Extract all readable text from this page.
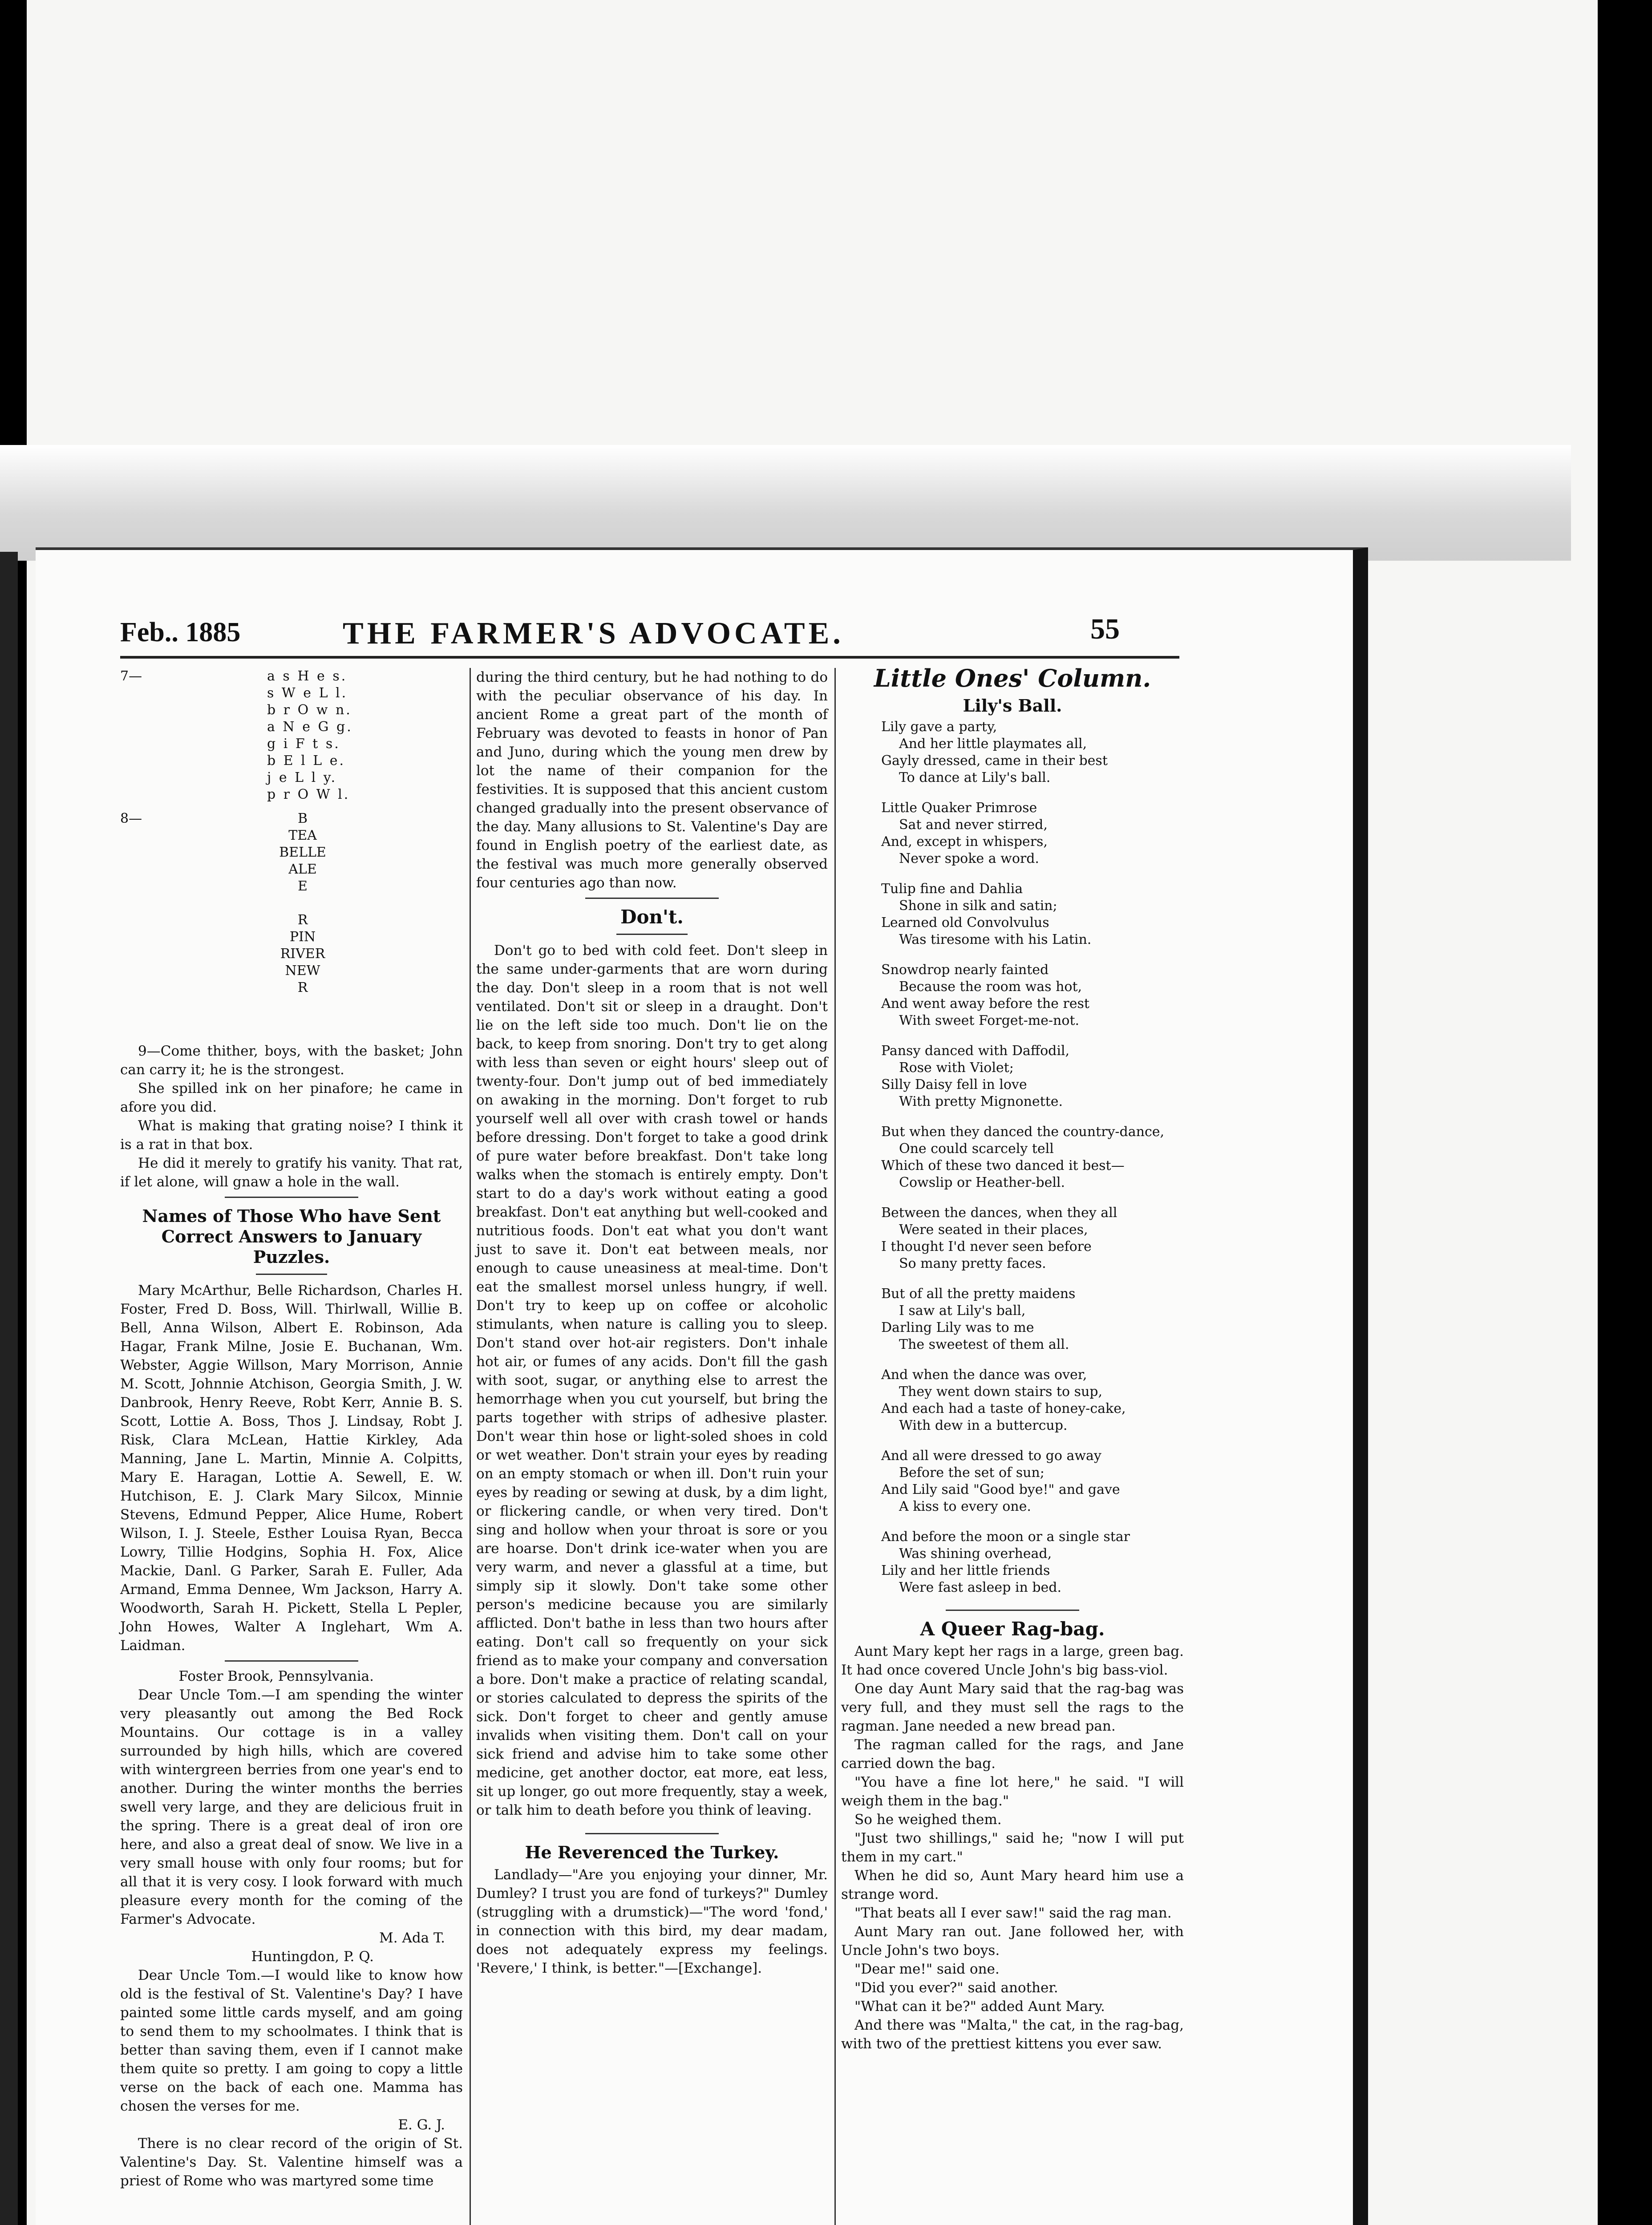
Feb.. 1885	THE FARMER'S ADVOCATE.	55
7—	a s H e s.
s W e L l.
b r O w n.
a N e G g.
g i F t s.
b E l L e.
j e L l y.
p r O W l.
8—	B
TEA
BELLE
ALE
E
R
PIN
RIVER
NEW
R

9—Come thither, boys, with the basket; John can carry it; he is the strongest.

She spilled ink on her pinafore; he came in afore you did.

What is making that grating noise? I think it is a rat in that box.

He did it merely to gratify his vanity. That rat, if let alone, will gnaw a hole in the wall.

Names of Those Who have Sent Correct Answers to January Puzzles.

Mary McArthur, Belle Richardson, Charles H. Foster, Fred D. Boss, Will. Thirlwall, Willie B. Bell, Anna Wilson, Albert E. Robinson, Ada Hagar, Frank Milne, Josie E. Buchanan, Wm. Webster, Aggie Willson, Mary Morrison, Annie M. Scott, Johnnie Atchison, Georgia Smith, J. W. Danbrook, Henry Reeve, Robt Kerr, Annie B. S. Scott, Lottie A. Boss, Thos J. Lindsay, Robt J. Risk, Clara McLean, Hattie Kirkley, Ada Manning, Jane L. Martin, Minnie A. Colpitts, Mary E. Haragan, Lottie A. Sewell, E. W. Hutchison, E. J. Clark Mary Silcox, Minnie Stevens, Edmund Pepper, Alice Hume, Robert Wilson, I. J. Steele, Esther Louisa Ryan, Becca Lowry, Tillie Hodgins, Sophia H. Fox, Alice Mackie, Danl. G Parker, Sarah E. Fuller, Ada Armand, Emma Dennee, Wm Jackson, Harry A. Woodworth, Sarah H. Pickett, Stella L Pepler, John Howes, Walter A Inglehart, Wm A. Laidman.

Foster Brook, Pennsylvania.

Dear Uncle Tom.—I am spending the winter very pleasantly out among the Bed Rock Mountains. Our cottage is in a valley surrounded by high hills, which are covered with wintergreen berries from one year's end to another. During the winter months the berries swell very large, and they are delicious fruit in the spring. There is a great deal of iron ore here, and also a great deal of snow. We live in a very small house with only four rooms; but for all that it is very cosy. I look forward with much pleasure every month for the coming of the Farmer's Advocate.

M. Ada T.

Huntingdon, P. Q.

Dear Uncle Tom.—I would like to know how old is the festival of St. Valentine's Day? I have painted some little cards myself, and am going to send them to my schoolmates. I think that is better than saving them, even if I cannot make them quite so pretty. I am going to copy a little verse on the back of each one. Mamma has chosen the verses for me.

E. G. J.

There is no clear record of the origin of St. Valentine's Day. St. Valentine himself was a priest of Rome who was martyred some time

during the third century, but he had nothing to do with the peculiar observance of his day. In ancient Rome a great part of the month of February was devoted to feasts in honor of Pan and Juno, during which the young men drew by lot the name of their companion for the festivities. It is supposed that this ancient custom changed gradually into the present observance of the day. Many allusions to St. Valentine's Day are found in English poetry of the earliest date, as the festival was much more generally observed four centuries ago than now.

Don't.

Don't go to bed with cold feet. Don't sleep in the same under-garments that are worn during the day. Don't sleep in a room that is not well ventilated. Don't sit or sleep in a draught. Don't lie on the left side too much. Don't lie on the back, to keep from snoring. Don't try to get along with less than seven or eight hours' sleep out of twenty-four. Don't jump out of bed immediately on awaking in the morning. Don't forget to rub yourself well all over with crash towel or hands before dressing. Don't forget to take a good drink of pure water before breakfast. Don't take long walks when the stomach is entirely empty. Don't start to do a day's work without eating a good breakfast. Don't eat anything but well-cooked and nutritious foods. Don't eat what you don't want just to save it. Don't eat between meals, nor enough to cause uneasiness at meal-time. Don't eat the smallest morsel unless hungry, if well. Don't try to keep up on coffee or alcoholic stimulants, when nature is calling you to sleep. Don't stand over hot-air registers. Don't inhale hot air, or fumes of any acids. Don't fill the gash with soot, sugar, or anything else to arrest the hemorrhage when you cut yourself, but bring the parts together with strips of adhesive plaster. Don't wear thin hose or light-soled shoes in cold or wet weather. Don't strain your eyes by reading on an empty stomach or when ill. Don't ruin your eyes by reading or sewing at dusk, by a dim light, or flickering candle, or when very tired. Don't sing and hollow when your throat is sore or you are hoarse. Don't drink ice-water when you are very warm, and never a glassful at a time, but simply sip it slowly. Don't take some other person's medicine because you are similarly afflicted. Don't bathe in less than two hours after eating. Don't call so frequently on your sick friend as to make your company and conversation a bore. Don't make a practice of relating scandal, or stories calculated to depress the spirits of the sick. Don't forget to cheer and gently amuse invalids when visiting them. Don't call on your sick friend and advise him to take some other medicine, get another doctor, eat more, eat less, sit up longer, go out more frequently, stay a week, or talk him to death before you think of leaving.

He Reverenced the Turkey.

Landlady—"Are you enjoying your dinner, Mr. Dumley? I trust you are fond of turkeys?" Dumley (struggling with a drumstick)—"The word 'fond,' in connection with this bird, my dear madam, does not adequately express my feelings. 'Revere,' I think, is better."—[Exchange].

Little Ones' Column.
Lily's Ball.
Lily gave a party,
And her little playmates all,
Gayly dressed, came in their best
To dance at Lily's ball.
Little Quaker Primrose
Sat and never stirred,
And, except in whispers,
Never spoke a word.
Tulip fine and Dahlia
Shone in silk and satin;
Learned old Convolvulus
Was tiresome with his Latin.
Snowdrop nearly fainted
Because the room was hot,
And went away before the rest
With sweet Forget-me-not.
Pansy danced with Daffodil,
Rose with Violet;
Silly Daisy fell in love
With pretty Mignonette.
But when they danced the country-dance,
One could scarcely tell
Which of these two danced it best—
Cowslip or Heather-bell.
Between the dances, when they all
Were seated in their places,
I thought I'd never seen before
So many pretty faces.
But of all the pretty maidens
I saw at Lily's ball,
Darling Lily was to me
The sweetest of them all.
And when the dance was over,
They went down stairs to sup,
And each had a taste of honey-cake,
With dew in a buttercup.
And all were dressed to go away
Before the set of sun;
And Lily said "Good bye!" and gave
A kiss to every one.
And before the moon or a single star
Was shining overhead,
Lily and her little friends
Were fast asleep in bed.
A Queer Rag-bag.

Aunt Mary kept her rags in a large, green bag. It had once covered Uncle John's big bass-viol.

One day Aunt Mary said that the rag-bag was very full, and they must sell the rags to the ragman. Jane needed a new bread pan.

The ragman called for the rags, and Jane carried down the bag.

"You have a fine lot here," he said. "I will weigh them in the bag."

So he weighed them.

"Just two shillings," said he; "now I will put them in my cart."

When he did so, Aunt Mary heard him use a strange word.

"That beats all I ever saw!" said the rag man.

Aunt Mary ran out. Jane followed her, with Uncle John's two boys.

"Dear me!" said one.

"Did you ever?" said another.

"What can it be?" added Aunt Mary.

And there was "Malta," the cat, in the rag-bag, with two of the prettiest kittens you ever saw.
